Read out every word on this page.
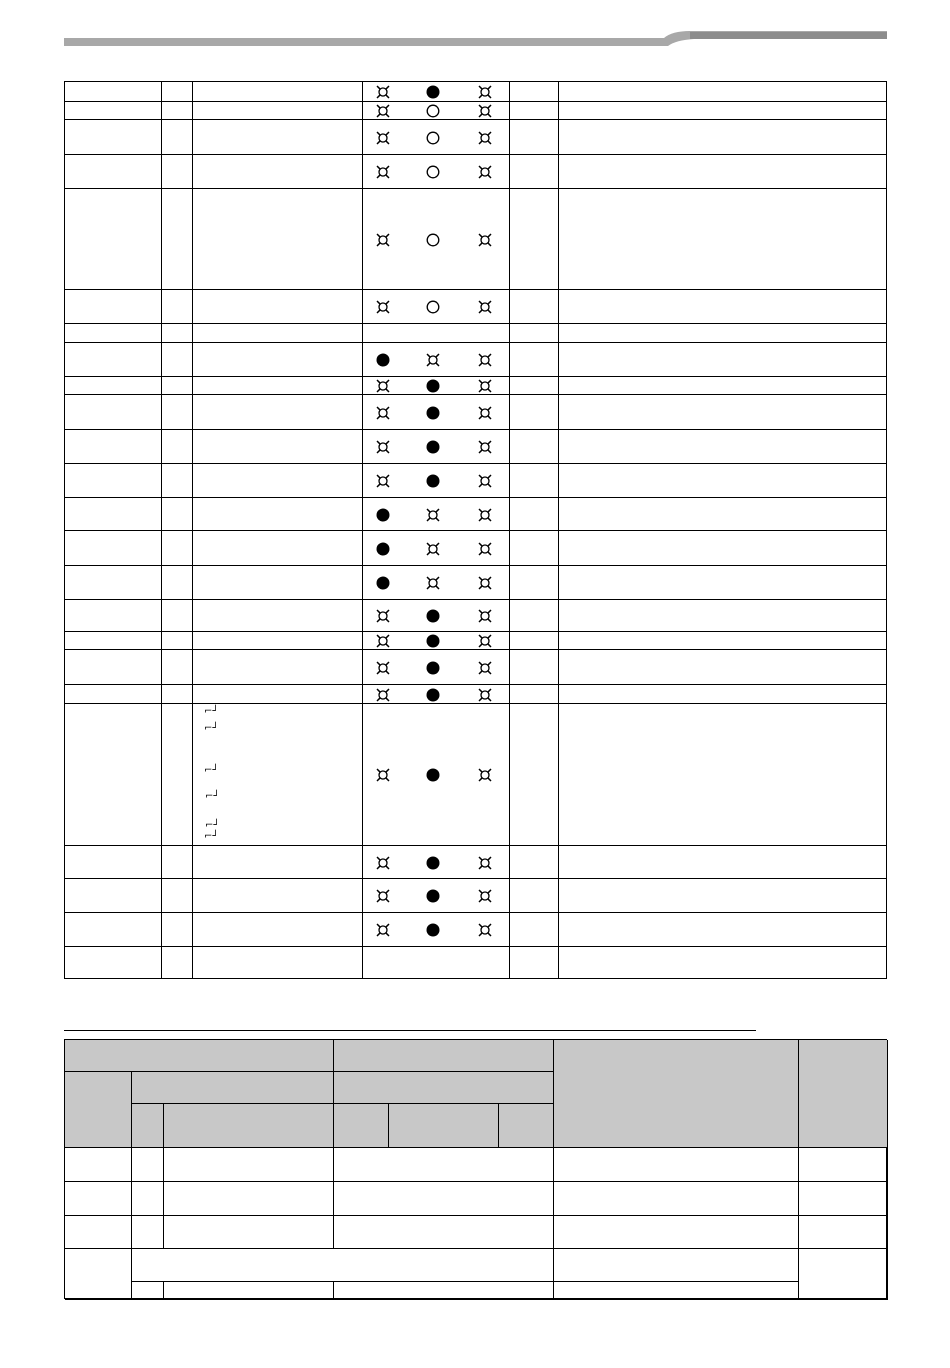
⌐┘
⌐┘
⌐┘
⌐┘
⌐┘
⌐┘
